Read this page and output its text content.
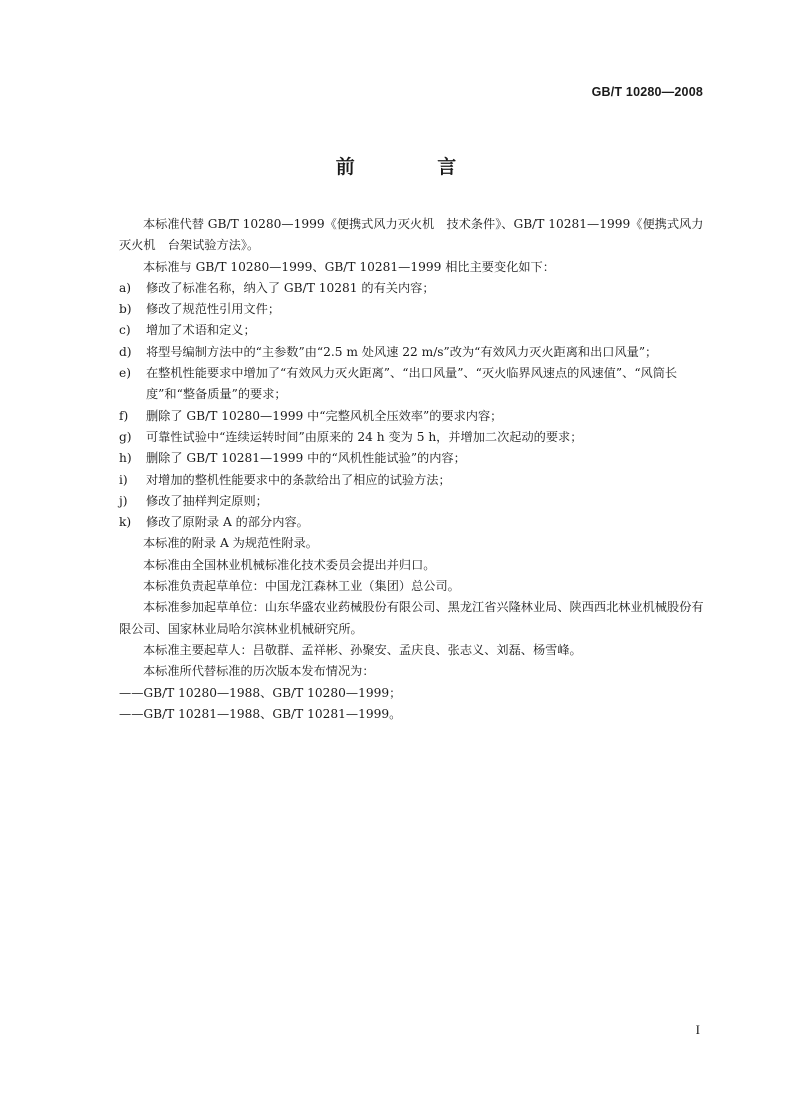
GB/T 10280—2008
前 言

本标准代替 GB/T 10280—1999《便携式风力灭火机　技术条件》、GB/T 10281—1999《便携式风力灭火机　台架试验方法》。

本标准与 GB/T 10280—1999、GB/T 10281—1999 相比主要变化如下：

a) 修改了标准名称，纳入了 GB/T 10281 的有关内容；
b) 修改了规范性引用文件；
c) 增加了术语和定义；
d) 将型号编制方法中的“主参数”由“2.5 m 处风速 22 m/s”改为“有效风力灭火距离和出口风量”；
e) 在整机性能要求中增加了“有效风力灭火距离”、“出口风量”、“灭火临界风速点的风速值”、“风筒长度”和“整备质量”的要求；
f) 删除了 GB/T 10280—1999 中“完整风机全压效率”的要求内容；
g) 可靠性试验中“连续运转时间”由原来的 24 h 变为 5 h，并增加二次起动的要求；
h) 删除了 GB/T 10281—1999 中的“风机性能试验”的内容；
i) 对增加的整机性能要求中的条款给出了相应的试验方法；
j) 修改了抽样判定原则；
k) 修改了原附录 A 的部分内容。

本标准的附录 A 为规范性附录。

本标准由全国林业机械标准化技术委员会提出并归口。

本标准负责起草单位：中国龙江森林工业（集团）总公司。

本标准参加起草单位：山东华盛农业药械股份有限公司、黑龙江省兴隆林业局、陕西西北林业机械股份有限公司、国家林业局哈尔滨林业机械研究所。

本标准主要起草人：吕敬群、孟祥彬、孙聚安、孟庆良、张志义、刘磊、杨雪峰。

本标准所代替标准的历次版本发布情况为：

——GB/T 10280—1988、GB/T 10280—1999；

——GB/T 10281—1988、GB/T 10281—1999。

I
